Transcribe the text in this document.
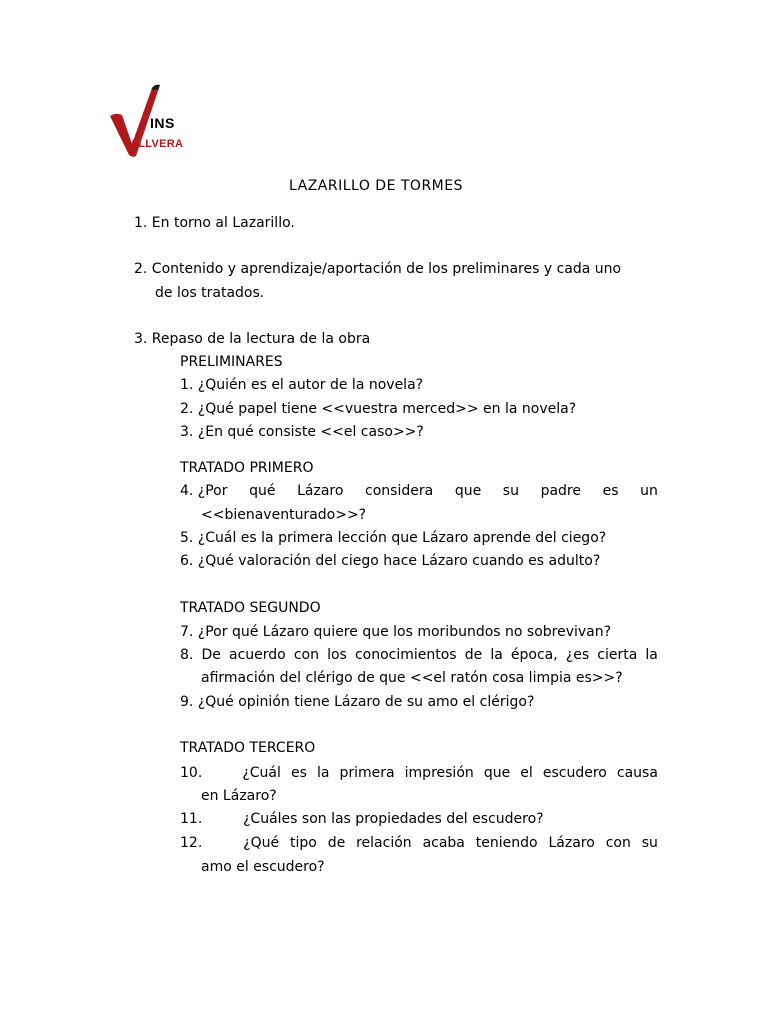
INS
ALLVERA
LAZARILLO DE TORMES
1. En torno al Lazarillo.
2. Contenido y aprendizaje/aportación de los preliminares y cada uno
de los tratados.
3. Repaso de la lectura de la obra
PRELIMINARES
1. ¿Quién es el autor de la novela?
2. ¿Qué papel tiene <<vuestra merced>> en la novela?
3. ¿En qué consiste <<el caso>>?
TRATADO PRIMERO
4. ¿Por qué Lázaro considera que su padre es un
<<bienaventurado>>?
5. ¿Cuál es la primera lección que Lázaro aprende del ciego?
6. ¿Qué valoración del ciego hace Lázaro cuando es adulto?
TRATADO SEGUNDO
7. ¿Por qué Lázaro quiere que los moribundos no sobrevivan?
8. De acuerdo con los conocimientos de la época, ¿es cierta la
afirmación del clérigo de que <<el ratón cosa limpia es>>?
9. ¿Qué opinión tiene Lázaro de su amo el clérigo?
TRATADO TERCERO
10.	¿Cuál es la primera impresión que el escudero causa
en Lázaro?
11.	¿Cuáles son las propiedades del escudero?
12.	¿Qué tipo de relación acaba teniendo Lázaro con su
amo el escudero?
